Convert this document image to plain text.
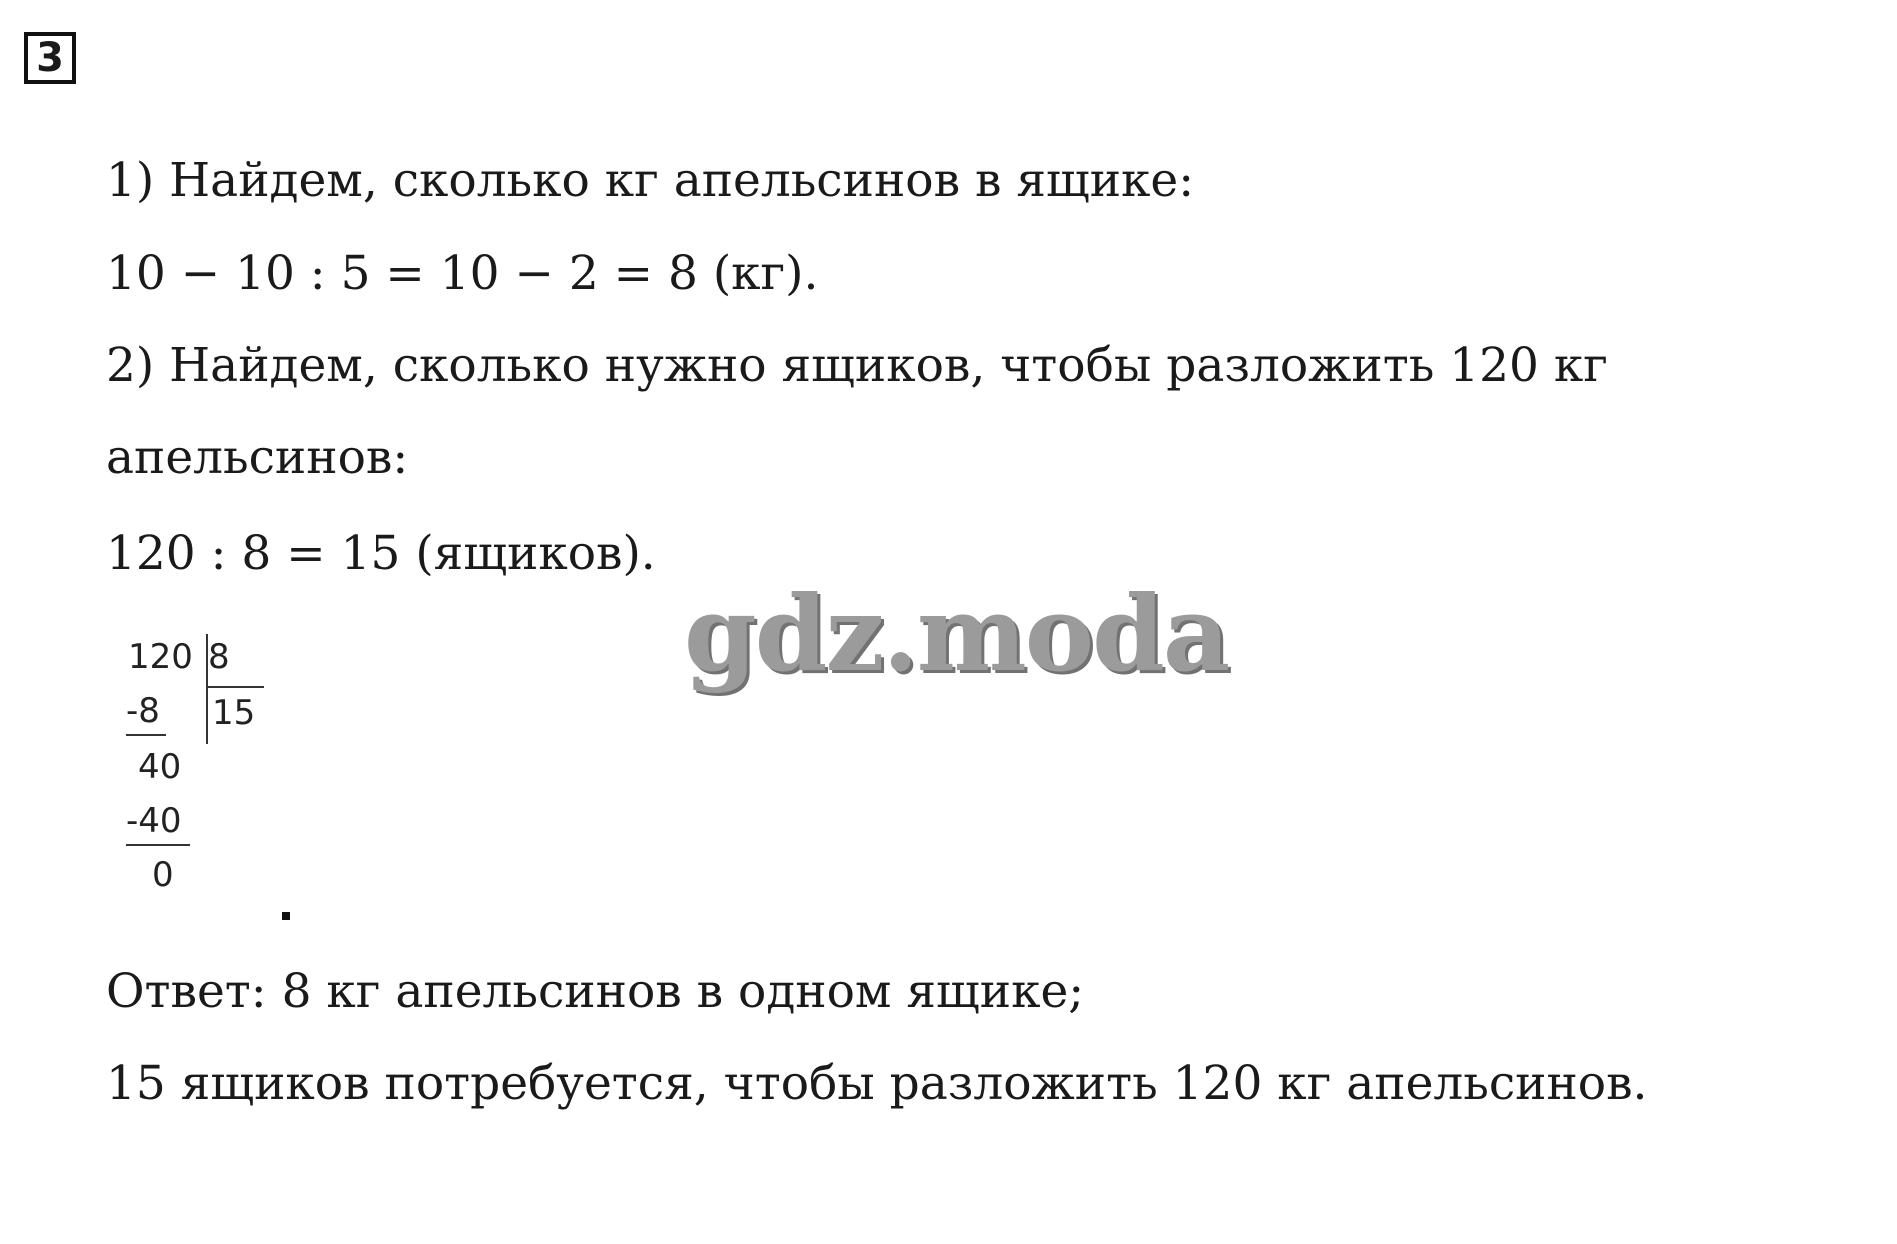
3
1) Найдем, сколько кг апельсинов в ящике:
10 − 10 : 5 = 10 − 2 = 8 (кг).
2) Найдем, сколько нужно ящиков, чтобы разложить 120 кг
апельсинов:
120 : 8 = 15 (ящиков).
120 8
-8 15
40
-40
0
gdz.moda
Ответ: 8 кг апельсинов в одном ящике;
15 ящиков потребуется, чтобы разложить 120 кг апельсинов.
